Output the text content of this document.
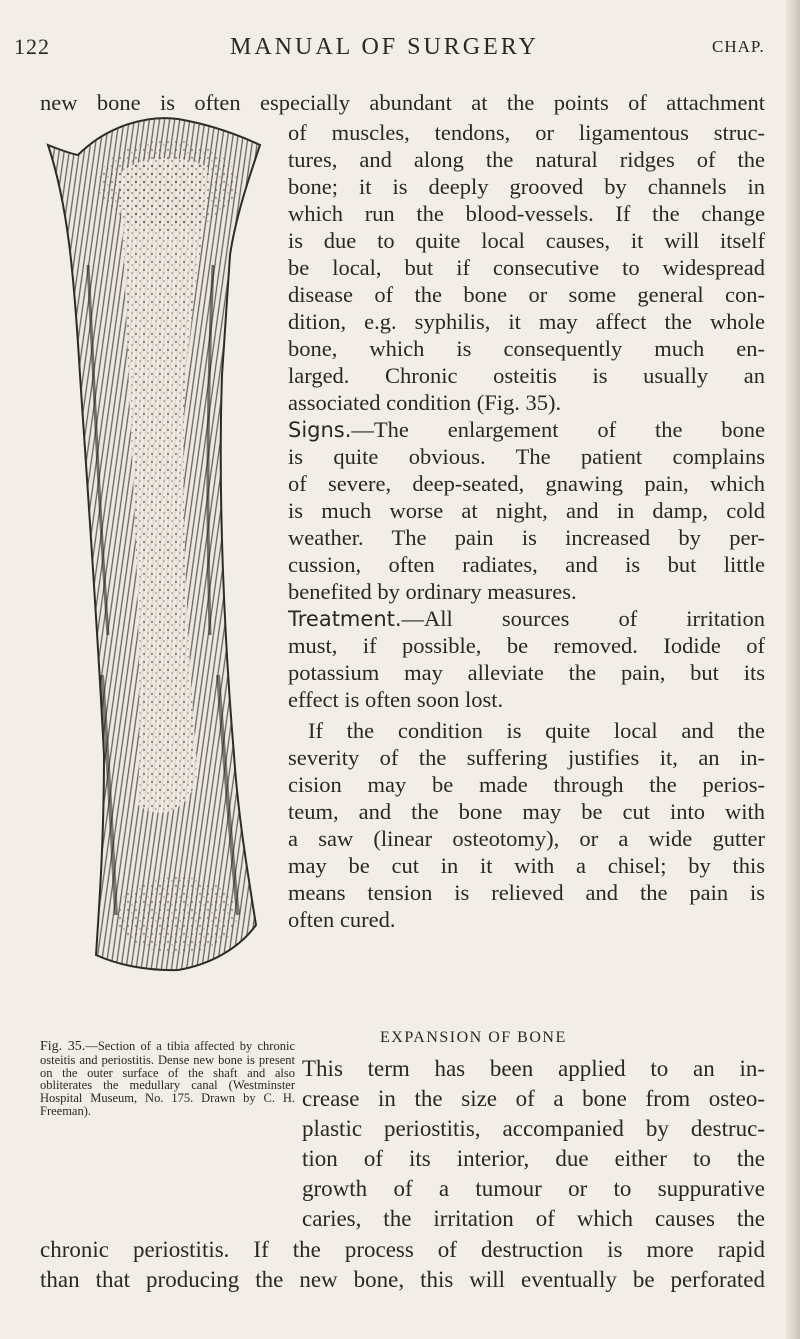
122	MANUAL OF SURGERY	CHAP.
new bone is often especially abundant at the points of attachment
of muscles, tendons, or ligamentous struc-
tures, and along the natural ridges of the
bone; it is deeply grooved by channels in
which run the blood-vessels. If the change
is due to quite local causes, it will itself
be local, but if consecutive to widespread
disease of the bone or some general con-
dition, e.g. syphilis, it may affect the whole
bone, which is consequently much en-
larged. Chronic osteitis is usually an
associated condition (Fig. 35).
Signs.—The enlargement of the bone
is quite obvious. The patient complains
of severe, deep-seated, gnawing pain, which
is much worse at night, and in damp, cold
weather. The pain is increased by per-
cussion, often radiates, and is but little
benefited by ordinary measures.
Treatment.—All sources of irritation
must, if possible, be removed. Iodide of
potassium may alleviate the pain, but its
effect is often soon lost.
If the condition is quite local and the
severity of the suffering justifies it, an in-
cision may be made through the perios-
teum, and the bone may be cut into with
a saw (linear osteotomy), or a wide gutter
may be cut in it with a chisel; by this
means tension is relieved and the pain is
often cured.
EXPANSION OF BONE
This term has been applied to an in-
crease in the size of a bone from osteo-
plastic periostitis, accompanied by destruc-
tion of its interior, due either to the
growth of a tumour or to suppurative
caries, the irritation of which causes the
chronic periostitis. If the process of destruction is more rapid
than that producing the new bone, this will eventually be perforated
Fig. 35.—Section of a tibia affected by chronic osteitis and periostitis. Dense new bone is present on the outer surface of the shaft and also obliterates the medullary canal (Westminster Hospital Museum, No. 175. Drawn by C. H. Freeman).
